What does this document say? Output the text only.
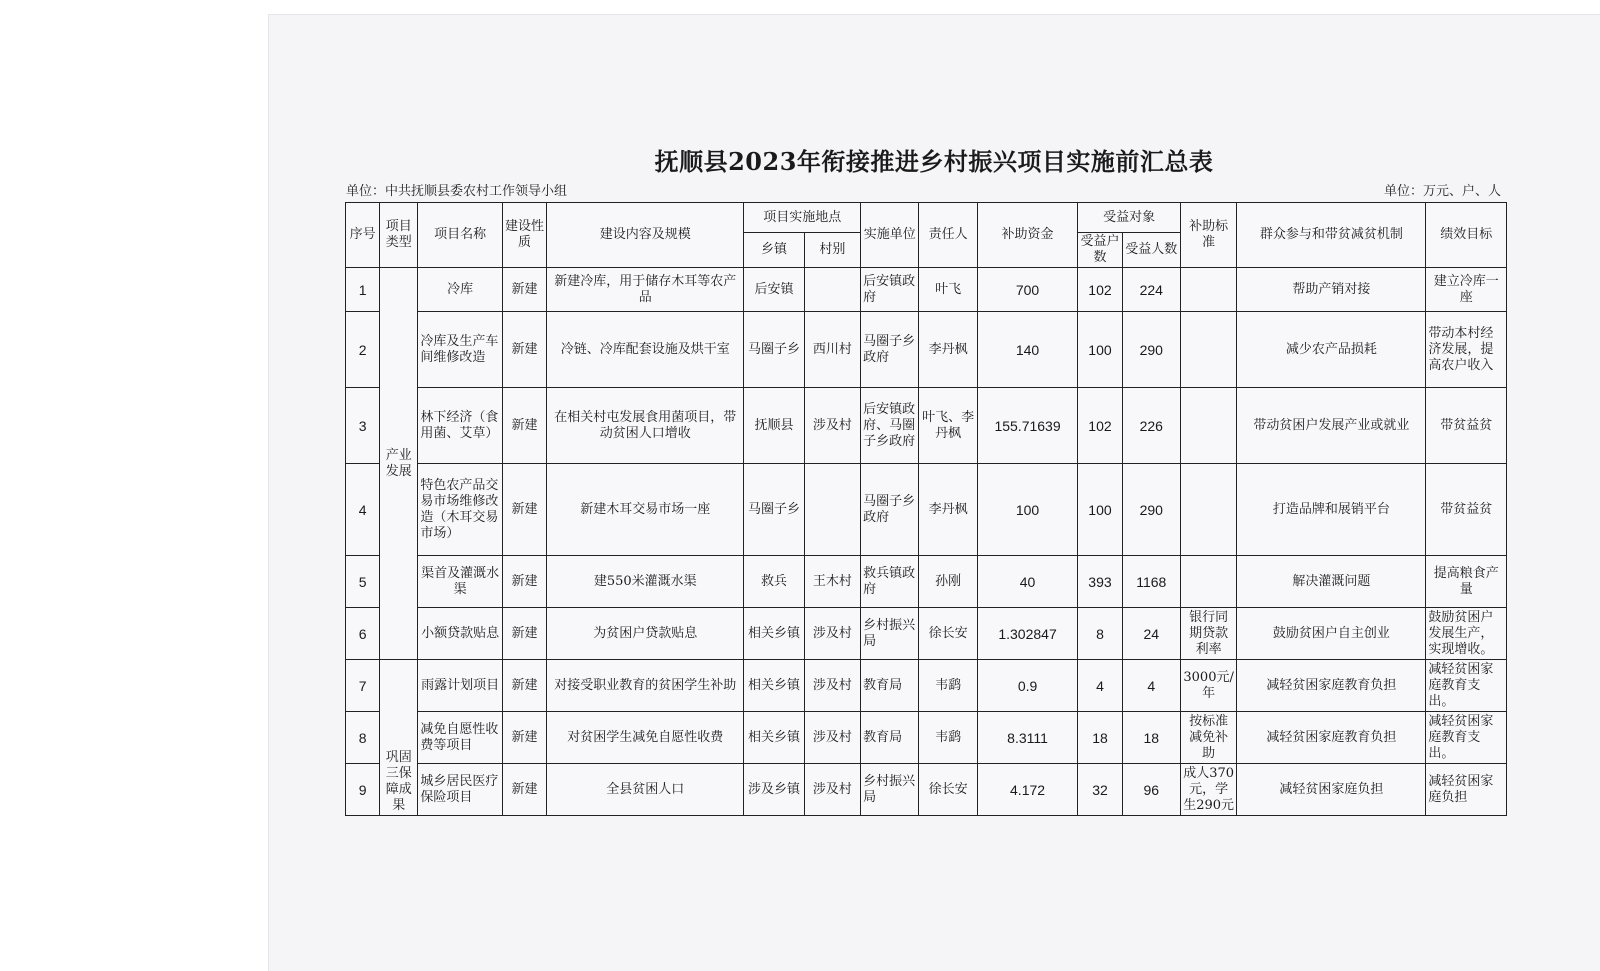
抚顺县2023年衔接推进乡村振兴项目实施前汇总表
单位：中共抚顺县委农村工作领导小组	单位：万元、户、人
序号	项目类型	项目名称	建设性质	建设内容及规模	项目实施地点		实施单位	责任人	补助资金	受益对象		补助标准	群众参与和带贫减贫机制	绩效目标
					乡镇	村别				受益户数	受益人数			
1	产业发展	冷库	新建	新建冷库，用于储存木耳等农产品	后安镇		后安镇政府	叶飞	700	102	224		帮助产销对接	建立冷库一座
2		冷库及生产车间维修改造	新建	冷链、冷库配套设施及烘干室	马圈子乡	西川村	马圈子乡政府	李丹枫	140	100	290		减少农产品损耗	带动本村经济发展，提高农户收入
3		林下经济（食用菌、艾草）	新建	在相关村屯发展食用菌项目，带动贫困人口增收	抚顺县	涉及村	后安镇政府、马圈子乡政府	叶飞、李丹枫	155.71639	102	226		带动贫困户发展产业或就业	带贫益贫
4		特色农产品交易市场维修改造（木耳交易市场）	新建	新建木耳交易市场一座	马圈子乡		马圈子乡政府	李丹枫	100	100	290		打造品牌和展销平台	带贫益贫
5		渠首及灌溉水渠	新建	建550米灌溉水渠	救兵	王木村	救兵镇政府	孙刚	40	393	1168		解决灌溉问题	提高粮食产量
6		小额贷款贴息	新建	为贫困户贷款贴息	相关乡镇	涉及村	乡村振兴局	徐长安	1.302847	8	24	银行同期贷款利率	鼓励贫困户自主创业	鼓励贫困户发展生产，实现增收。
7	巩固三保障成果	雨露计划项目	新建	对接受职业教育的贫困学生补助	相关乡镇	涉及村	教育局	韦鹞	0.9	4	4	3000元/年	减轻贫困家庭教育负担	减轻贫困家庭教育支出。
8		减免自愿性收费等项目	新建	对贫困学生减免自愿性收费	相关乡镇	涉及村	教育局	韦鹞	8.3111	18	18	按标准减免补助	减轻贫困家庭教育负担	减轻贫困家庭教育支出。
9		城乡居民医疗保险项目	新建	全县贫困人口	涉及乡镇	涉及村	乡村振兴局	徐长安	4.172	32	96	成人370元，学生290元	减轻贫困家庭负担	减轻贫困家庭负担
